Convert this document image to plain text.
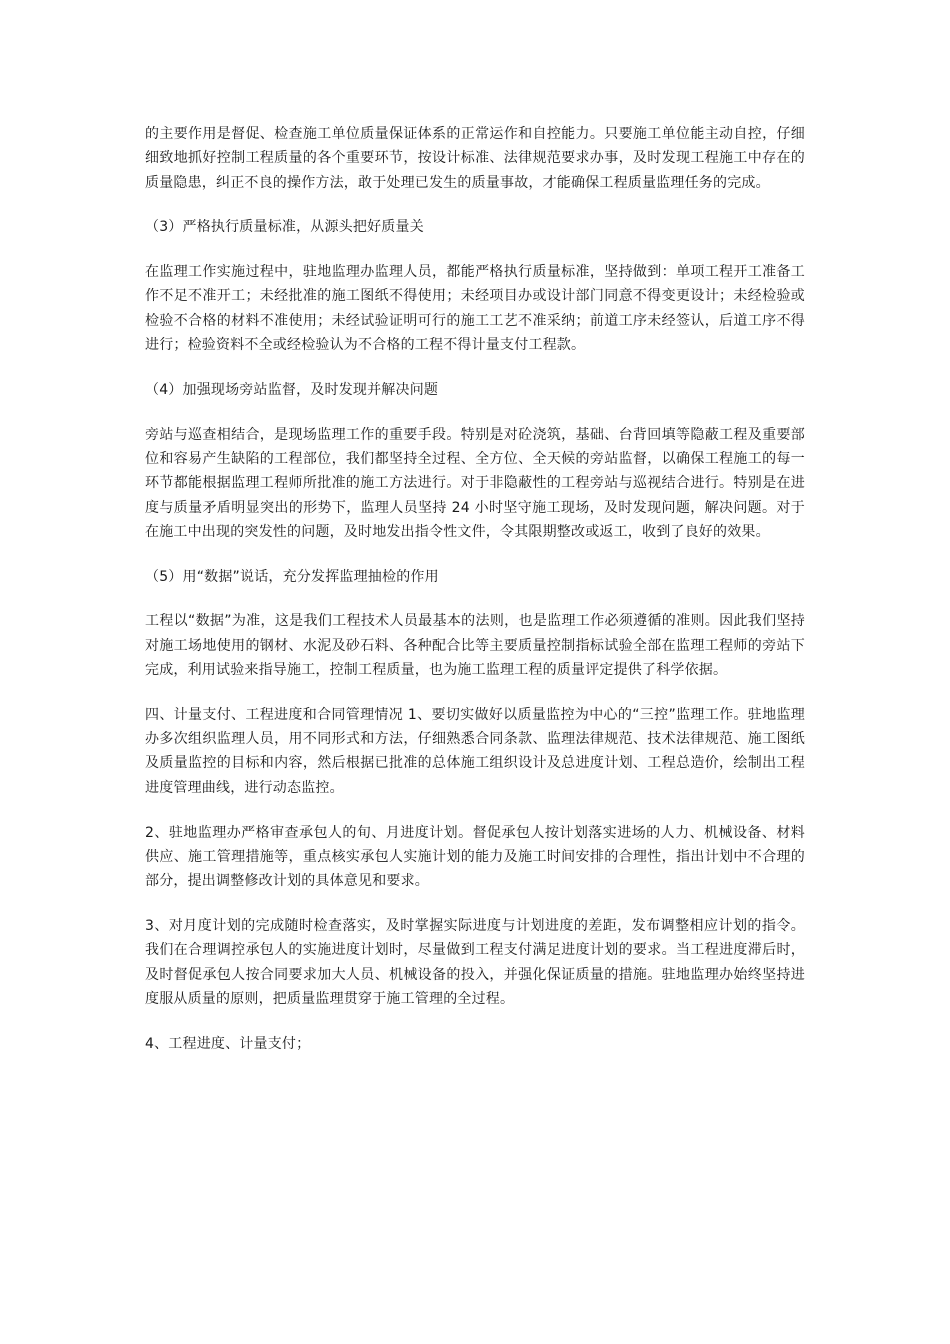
的主要作用是督促、检查施工单位质量保证体系的正常运作和自控能力。只要施工单位能主动自控，仔细细致地抓好控制工程质量的各个重要环节，按设计标准、法律规范要求办事，及时发现工程施工中存在的质量隐患，纠正不良的操作方法，敢于处理已发生的质量事故，才能确保工程质量监理任务的完成。

（3）严格执行质量标准，从源头把好质量关

在监理工作实施过程中，驻地监理办监理人员，都能严格执行质量标准，坚持做到：单项工程开工准备工作不足不准开工；未经批准的施工图纸不得使用；未经项目办或设计部门同意不得变更设计；未经检验或检验不合格的材料不准使用；未经试验证明可行的施工工艺不准采纳；前道工序未经签认，后道工序不得进行；检验资料不全或经检验认为不合格的工程不得计量支付工程款。

（4）加强现场旁站监督，及时发现并解决问题

旁站与巡查相结合，是现场监理工作的重要手段。特别是对砼浇筑，基础、台背回填等隐蔽工程及重要部位和容易产生缺陷的工程部位，我们都坚持全过程、全方位、全天候的旁站监督，以确保工程施工的每一环节都能根据监理工程师所批准的施工方法进行。对于非隐蔽性的工程旁站与巡视结合进行。特别是在进度与质量矛盾明显突出的形势下，监理人员坚持 24 小时坚守施工现场，及时发现问题，解决问题。对于在施工中出现的突发性的问题，及时地发出指令性文件，令其限期整改或返工，收到了良好的效果。

（5）用“数据”说话，充分发挥监理抽检的作用

工程以“数据”为准，这是我们工程技术人员最基本的法则，也是监理工作必须遵循的准则。因此我们坚持对施工场地使用的钢材、水泥及砂石料、各种配合比等主要质量控制指标试验全部在监理工程师的旁站下完成，利用试验来指导施工，控制工程质量，也为施工监理工程的质量评定提供了科学依据。

四、计量支付、工程进度和合同管理情况 1、要切实做好以质量监控为中心的“三控”监理工作。驻地监理办多次组织监理人员，用不同形式和方法，仔细熟悉合同条款、监理法律规范、技术法律规范、施工图纸及质量监控的目标和内容，然后根据已批准的总体施工组织设计及总进度计划、工程总造价，绘制出工程进度管理曲线，进行动态监控。

2、驻地监理办严格审查承包人的旬、月进度计划。督促承包人按计划落实进场的人力、机械设备、材料供应、施工管理措施等，重点核实承包人实施计划的能力及施工时间安排的合理性，指出计划中不合理的部分，提出调整修改计划的具体意见和要求。

3、对月度计划的完成随时检查落实，及时掌握实际进度与计划进度的差距，发布调整相应计划的指令。我们在合理调控承包人的实施进度计划时，尽量做到工程支付满足进度计划的要求。当工程进度滞后时，及时督促承包人按合同要求加大人员、机械设备的投入，并强化保证质量的措施。驻地监理办始终坚持进度服从质量的原则，把质量监理贯穿于施工管理的全过程。

4、工程进度、计量支付；
